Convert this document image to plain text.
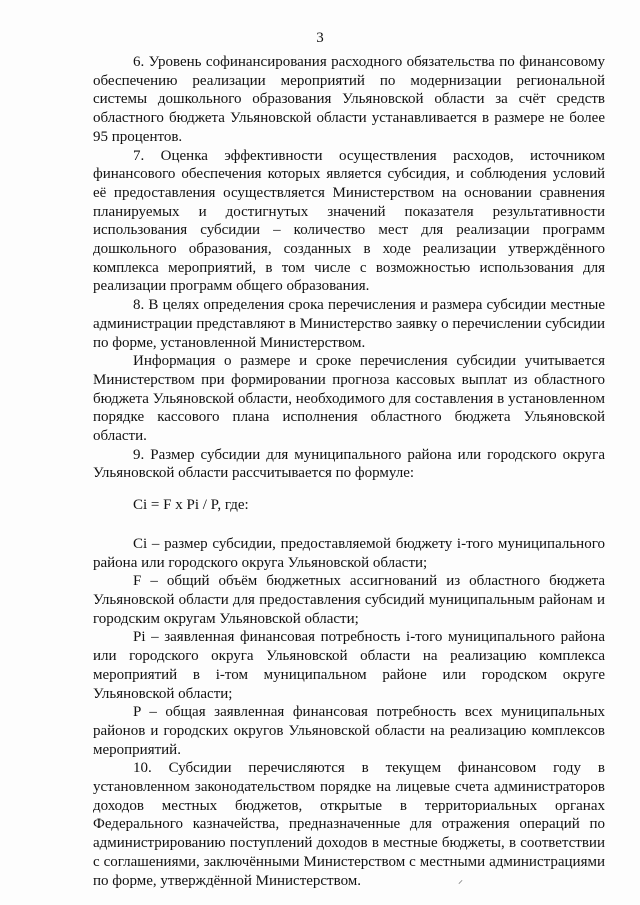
3

6. Уровень софинансирования расходного обязательства по финансовому обеспечению реализации мероприятий по модернизации региональной системы дошкольного образования Ульяновской области за счёт средств областного бюджета Ульяновской области устанавливается в размере не более 95 процентов.

7. Оценка эффективности осуществления расходов, источником финансового обеспечения которых является субсидия, и соблюдения условий её предоставления осуществляется Министерством на основании сравнения планируемых и достигнутых значений показателя результативности использования субсидии – количество мест для реализации программ дошкольного образования, созданных в ходе реализации утверждённого комплекса мероприятий, в том числе с возможностью использования для реализации программ общего образования.

8. В целях определения срока перечисления и размера субсидии местные администрации представляют в Министерство заявку о перечислении субсидии по форме, установленной Министерством.

Информация о размере и сроке перечисления субсидии учитывается Министерством при формировании прогноза кассовых выплат из областного бюджета Ульяновской области, необходимого для составления в установленном порядке кассового плана исполнения областного бюджета Ульяновской области.

9. Размер субсидии для муниципального района или городского округа Ульяновской области рассчитывается по формуле:

Ci = F x Pi / P, где:

Ci – размер субсидии, предоставляемой бюджету i-того муниципального района или городского округа Ульяновской области;

F – общий объём бюджетных ассигнований из областного бюджета Ульяновской области для предоставления субсидий муниципальным районам и городским округам Ульяновской области;

Pi – заявленная финансовая потребность i-того муниципального района или городского округа Ульяновской области на реализацию комплекса мероприятий в i-том муниципальном районе или городском округе Ульяновской области;

P – общая заявленная финансовая потребность всех муниципальных районов и городских округов Ульяновской области на реализацию комплексов мероприятий.

10. Субсидии перечисляются в текущем финансовом году в установленном законодательством порядке на лицевые счета администраторов доходов местных бюджетов, открытые в территориальных органах Федерального казначейства, предназначенные для отражения операций по администрированию поступлений доходов в местные бюджеты, в соответствии с соглашениями, заключёнными Министерством с местными администрациями по форме, утверждённой Министерством.	⸝
